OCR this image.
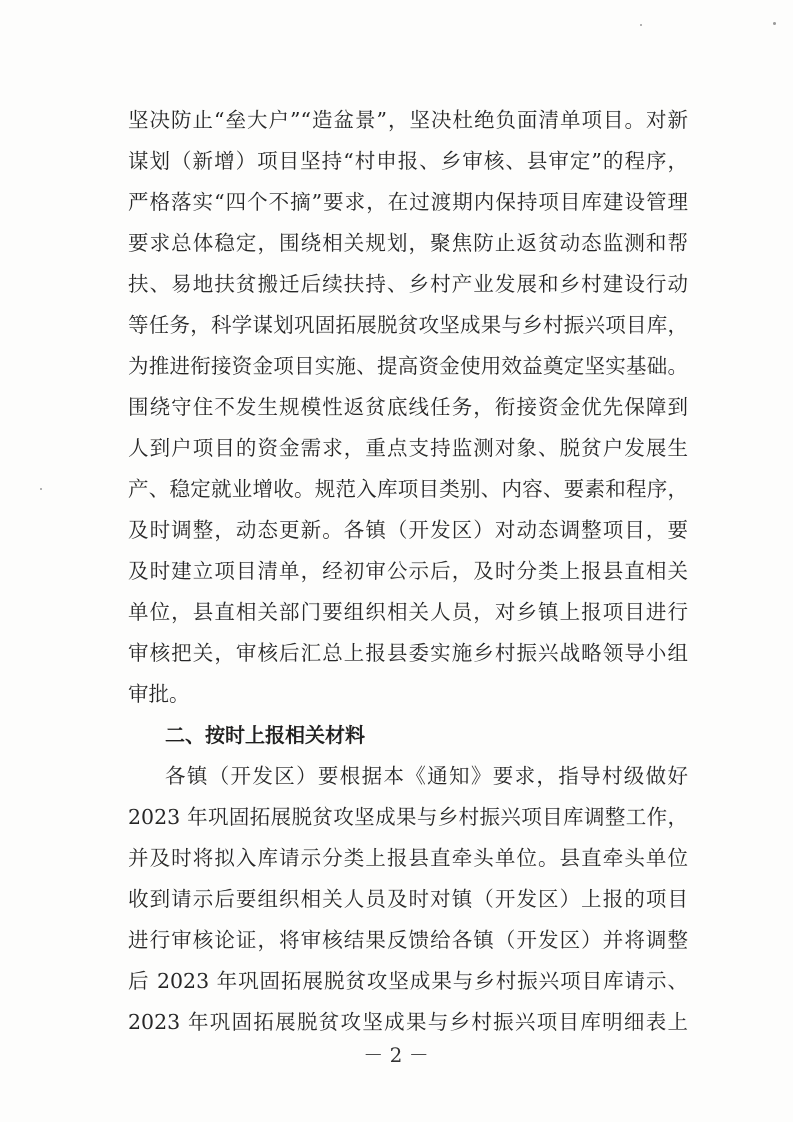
坚决防止“垒大户”“造盆景”，坚决杜绝负面清单项目。对新
谋划（新增）项目坚持“村申报、乡审核、县审定”的程序，
严格落实“四个不摘”要求，在过渡期内保持项目库建设管理
要求总体稳定，围绕相关规划，聚焦防止返贫动态监测和帮
扶、易地扶贫搬迁后续扶持、乡村产业发展和乡村建设行动
等任务，科学谋划巩固拓展脱贫攻坚成果与乡村振兴项目库，
为推进衔接资金项目实施、提高资金使用效益奠定坚实基础。
围绕守住不发生规模性返贫底线任务，衔接资金优先保障到
人到户项目的资金需求，重点支持监测对象、脱贫户发展生
产、稳定就业增收。规范入库项目类别、内容、要素和程序，
及时调整，动态更新。各镇（开发区）对动态调整项目，要
及时建立项目清单，经初审公示后，及时分类上报县直相关
单位，县直相关部门要组织相关人员，对乡镇上报项目进行
审核把关，审核后汇总上报县委实施乡村振兴战略领导小组
审批。
二、按时上报相关材料
各镇（开发区）要根据本《通知》要求，指导村级做好
2023 年巩固拓展脱贫攻坚成果与乡村振兴项目库调整工作，
并及时将拟入库请示分类上报县直牵头单位。县直牵头单位
收到请示后要组织相关人员及时对镇（开发区）上报的项目
进行审核论证，将审核结果反馈给各镇（开发区）并将调整
后 2023 年巩固拓展脱贫攻坚成果与乡村振兴项目库请示、
2023 年巩固拓展脱贫攻坚成果与乡村振兴项目库明细表上
－ 2 －
